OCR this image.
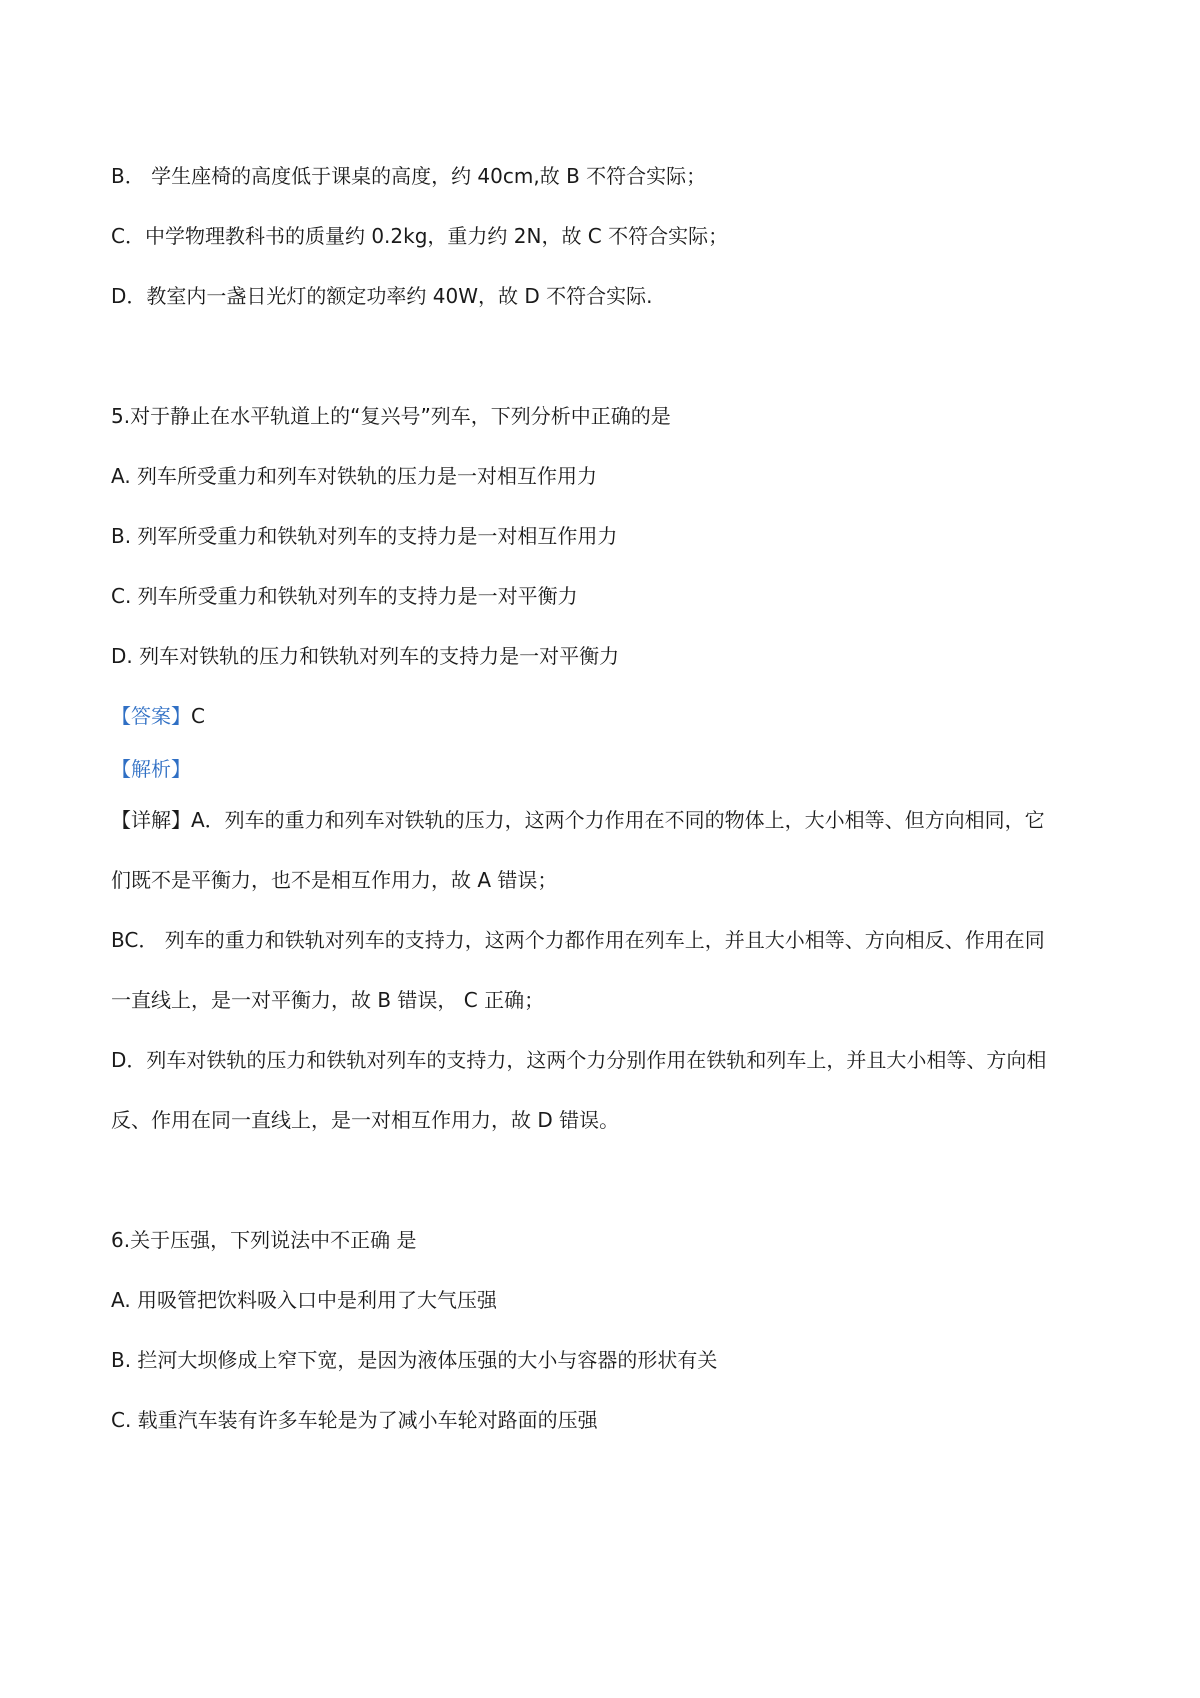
B． 学生座椅的高度低于课桌的高度，约 40cm,故 B 不符合实际；
C．中学物理教科书的质量约 0.2kg，重力约 2N，故 C 不符合实际；
D．教室内一盏日光灯的额定功率约 40W，故 D 不符合实际.
5.对于静止在水平轨道上的“复兴号”列车，下列分析中正确的是
A. 列车所受重力和列车对铁轨的压力是一对相互作用力
B. 列军所受重力和铁轨对列车的支持力是一对相互作用力
C. 列车所受重力和铁轨对列车的支持力是一对平衡力
D. 列车对铁轨的压力和铁轨对列车的支持力是一对平衡力
【答案】C
【解析】
【详解】A．列车的重力和列车对铁轨的压力，这两个力作用在不同的物体上，大小相等、但方向相同，它
们既不是平衡力，也不是相互作用力，故 A 错误；
BC． 列车的重力和铁轨对列车的支持力，这两个力都作用在列车上，并且大小相等、方向相反、作用在同
一直线上，是一对平衡力，故 B 错误， C 正确；
D．列车对铁轨的压力和铁轨对列车的支持力，这两个力分别作用在铁轨和列车上，并且大小相等、方向相
反、作用在同一直线上，是一对相互作用力，故 D 错误。
6.关于压强，下列说法中不正确 是
A. 用吸管把饮料吸入口中是利用了大气压强
B. 拦河大坝修成上窄下宽，是因为液体压强的大小与容器的形状有关
C. 载重汽车装有许多车轮是为了减小车轮对路面的压强
